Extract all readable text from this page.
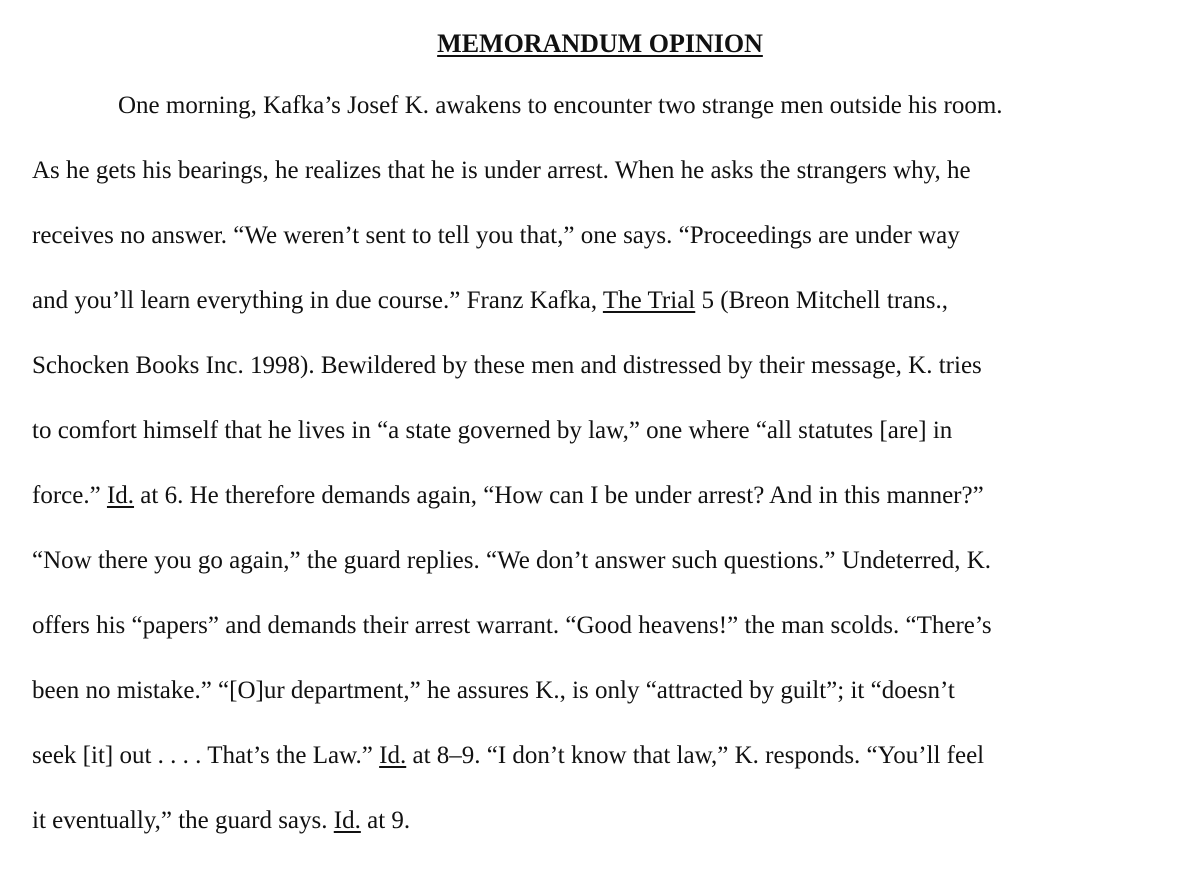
MEMORANDUM OPINION
One morning, Kafka’s Josef K. awakens to encounter two strange men outside his room.
As he gets his bearings, he realizes that he is under arrest. When he asks the strangers why, he
receives no answer. “We weren’t sent to tell you that,” one says. “Proceedings are under way
and you’ll learn everything in due course.” Franz Kafka, The Trial 5 (Breon Mitchell trans.,
Schocken Books Inc. 1998). Bewildered by these men and distressed by their message, K. tries
to comfort himself that he lives in “a state governed by law,” one where “all statutes [are] in
force.” Id. at 6. He therefore demands again, “How can I be under arrest? And in this manner?”
“Now there you go again,” the guard replies. “We don’t answer such questions.” Undeterred, K.
offers his “papers” and demands their arrest warrant. “Good heavens!” the man scolds. “There’s
been no mistake.” “[O]ur department,” he assures K., is only “attracted by guilt”; it “doesn’t
seek [it] out . . . . That’s the Law.” Id. at 8–9. “I don’t know that law,” K. responds. “You’ll feel
it eventually,” the guard says. Id. at 9.
